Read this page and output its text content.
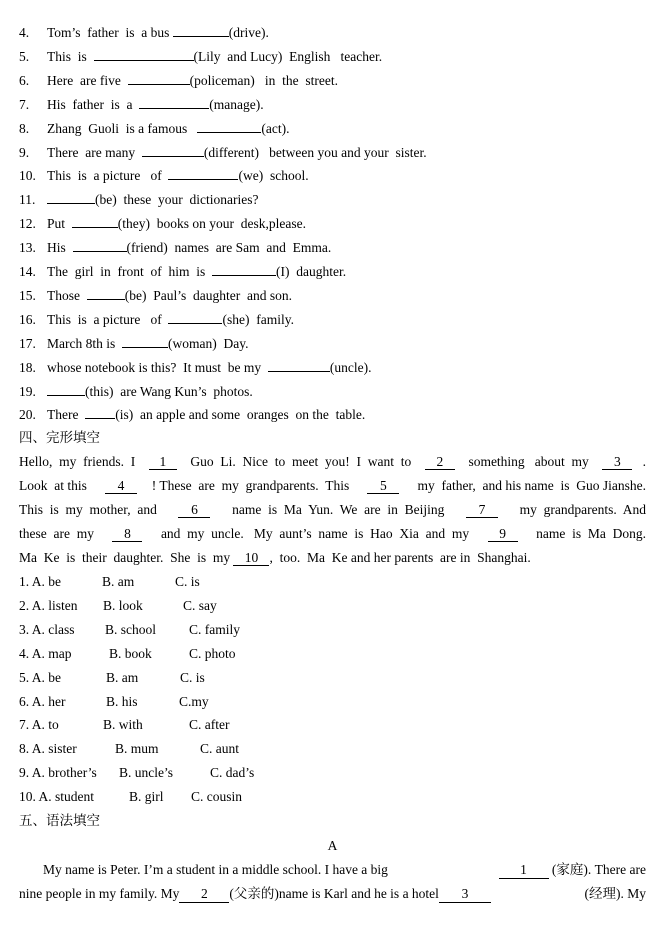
4. Tom’s  father  is  a bus	(drive).
5. This  is	(Lily  and Lucy)  English   teacher.
6. Here  are five	(policeman)   in  the  street.
7. His  father  is  a	(manage).
8. Zhang  Guoli  is a famous	(act).
9. There  are many	(different)   between you and your  sister.
10. This  is  a picture   of	(we)  school.
11.	(be)  these  your  dictionaries?
12. Put	(they)  books on your  desk,please.
13. His	(friend)  names  are Sam  and  Emma.
14. The  girl  in  front  of  him  is	(I)  daughter.
15. Those	(be)  Paul’s  daughter  and son.
16. This  is  a picture   of	(she)  family.
17. March 8th is	(woman)  Day.
18. whose notebook is this?  It must  be my	(uncle).
19.	(this)  are Wang Kun’s  photos.
20. There  (is)  an apple and some  oranges  on the  table.
四、完形填空
Hello,  my  friends.  I	1	Guo  Li.  Nice  to  meet  you!  I  want  to	2	something   about  my	3	.
Look  at this	4	! These  are  my  grandparents.  This	5	my  father,  and his name  is  Guo Jianshe.
This  is  my  mother,  and	6	name  is  Ma  Yun.  We  are  in  Beijing	7	my  grandparents.  And
these  are  my	8	and  my  uncle.   My  aunt’s  name  is  Hao  Xia  and  my	9	name  is  Ma  Dong.
Ma  Ke  is  their  daughter.  She  is  my 10 ,  too.  Ma  Ke and her parents  are in  Shanghai.
1. A. be	B. am	C. is
2. A. listen B. look	C. say
3. A. class B. school C. family
4. A. map	B. book	C. photo
5. A. be	B. am	C. is
6. A. her	B. his	C.my
7. A. to	B. with	C. after
8. A. sister	B. mum	C. aunt
9. A. brother’s B. uncle’s	C. dad’s
10. A. student	B. girl C. cousin
五、语法填空
A
My name is Peter. I’m a student in a middle school. I have a big	1 (家庭). There are
nine people in my family. My 2 (父亲的)name is Karl and he is a hotel 3	(经理). My
